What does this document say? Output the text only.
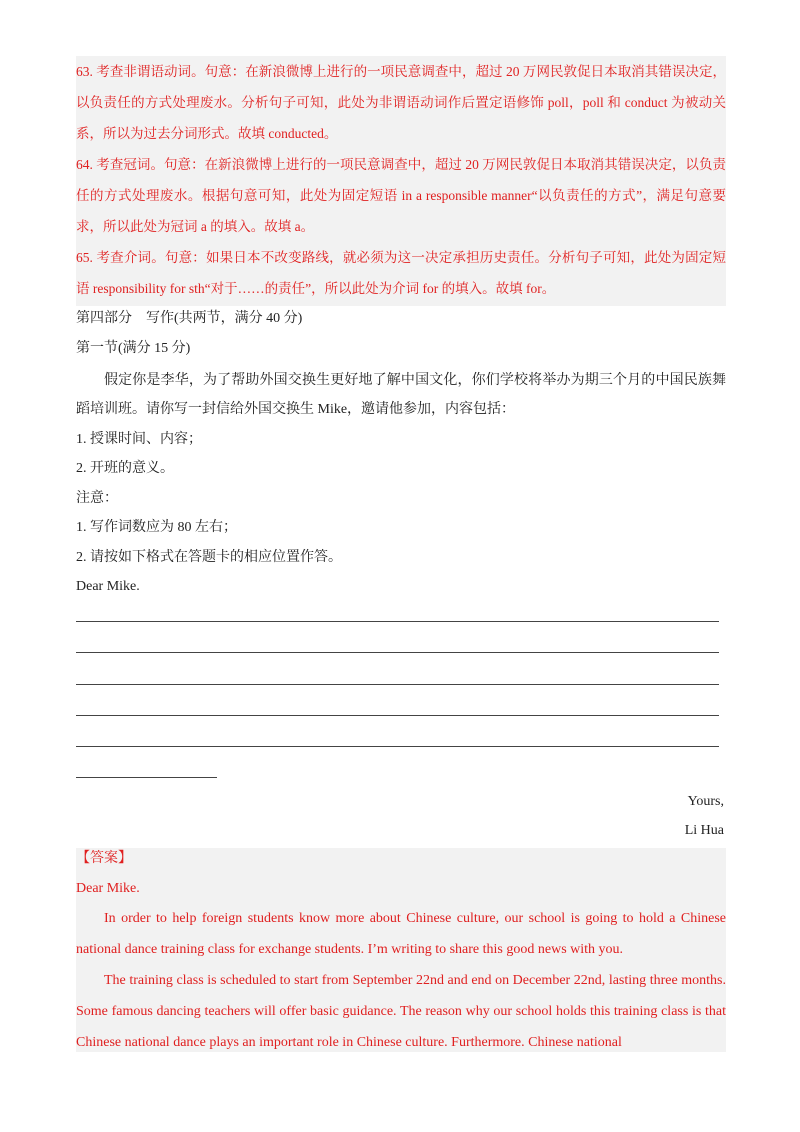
63. 考查非谓语动词。句意：在新浪微博上进行的一项民意调查中，超过 20 万网民敦促日本取消其错误决定，以负责任的方式处理废水。分析句子可知，此处为非谓语动词作后置定语修饰 poll，poll 和 conduct 为被动关系，所以为过去分词形式。故填 conducted。

64. 考查冠词。句意：在新浪微博上进行的一项民意调查中，超过 20 万网民敦促日本取消其错误决定，以负责任的方式处理废水。根据句意可知，此处为固定短语 in a responsible manner“以负责任的方式”，满足句意要求，所以此处为冠词 a 的填入。故填 a。

65. 考查介词。句意：如果日本不改变路线，就必须为这一决定承担历史责任。分析句子可知，此处为固定短语 responsibility for sth“对于……的责任”，所以此处为介词 for 的填入。故填 for。

第四部分　写作(共两节，满分 40 分)
第一节(满分 15 分)
假定你是李华，为了帮助外国交换生更好地了解中国文化，你们学校将举办为期三个月的中国民族舞蹈培训班。请你写一封信给外国交换生 Mike，邀请他参加，内容包括：
1. 授课时间、内容；
2. 开班的意义。
注意：
1. 写作词数应为 80 左右；
2. 请按如下格式在答题卡的相应位置作答。
Dear Mike.
Yours,
Li Hua
【答案】
Dear Mike.

In order to help foreign students know more about Chinese culture, our school is going to hold a Chinese national dance training class for exchange students. I’m writing to share this good news with you.

The training class is scheduled to start from September 22nd and end on December 22nd, lasting three months. Some famous dancing teachers will offer basic guidance. The reason why our school holds this training class is that Chinese national dance plays an important role in Chinese culture. Furthermore. Chinese national
